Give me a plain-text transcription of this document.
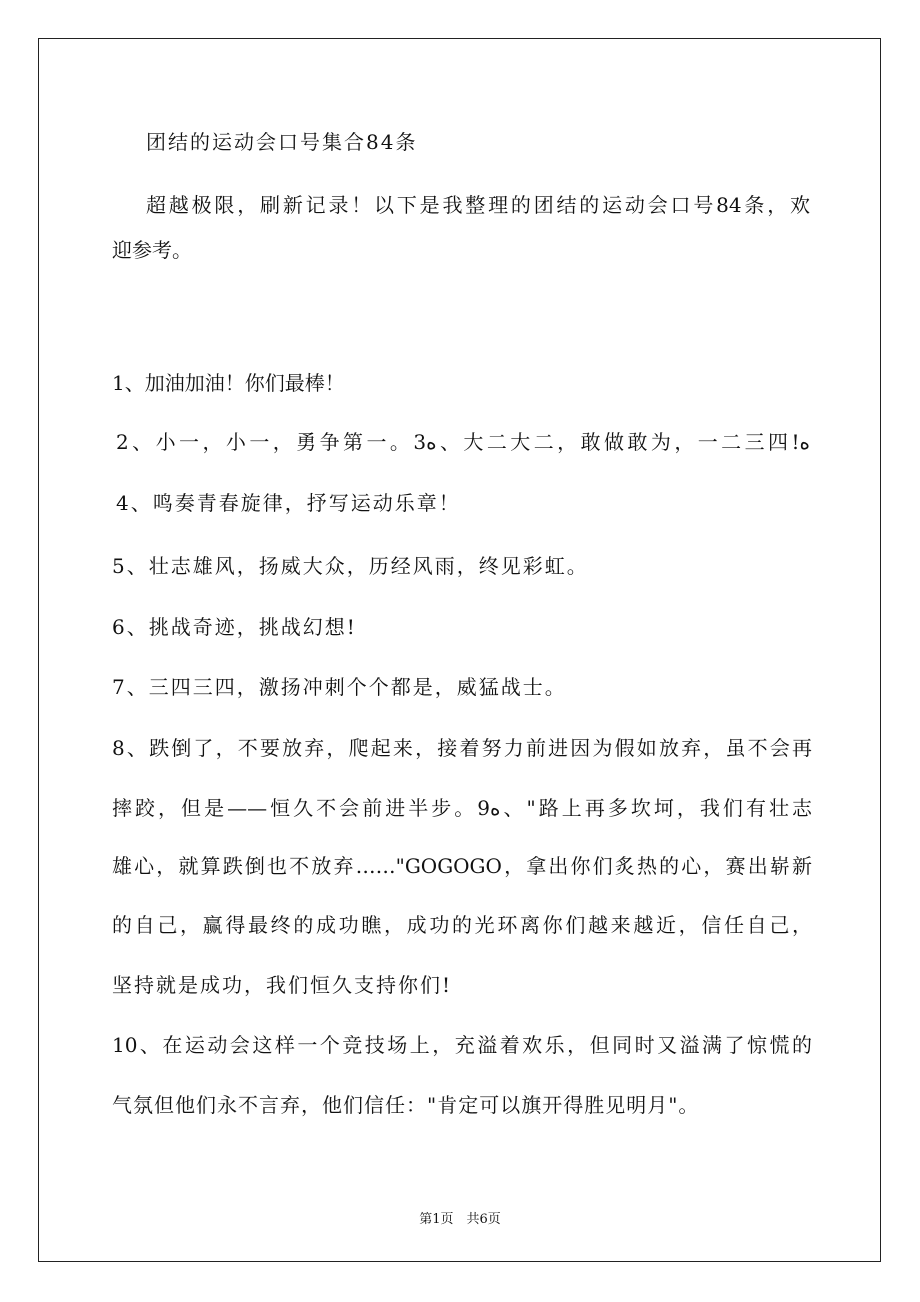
团结的运动会口号集合84条
超越极限，刷新记录！以下是我整理的团结的运动会口号84条，欢
迎参考。
1、加油加油！你们最棒！
2、小一，小一，勇争第一。3ﻩ、大二大二，敢做敢为，一二三四!ﻩ
4、鸣奏青春旋律，抒写运动乐章！
5、壮志雄风，扬威大众，历经风雨，终见彩虹。
6、挑战奇迹，挑战幻想!
7、三四三四，激扬冲刺个个都是，威猛战士。
8、跌倒了，不要放弃，爬起来，接着努力前进因为假如放弃，虽不会再
摔跤，但是——恒久不会前进半步。9ﻩ、"路上再多坎坷，我们有壮志
雄心，就算跌倒也不放弃……"GOGOGO，拿出你们炙热的心，赛出崭新
的自己，赢得最终的成功瞧，成功的光环离你们越来越近，信任自己，
坚持就是成功，我们恒久支持你们!
10、在运动会这样一个竞技场上，充溢着欢乐，但同时又溢满了惊慌的
气氛但他们永不言弃，他们信任："肯定可以旗开得胜见明月"。
第1页　共6页
